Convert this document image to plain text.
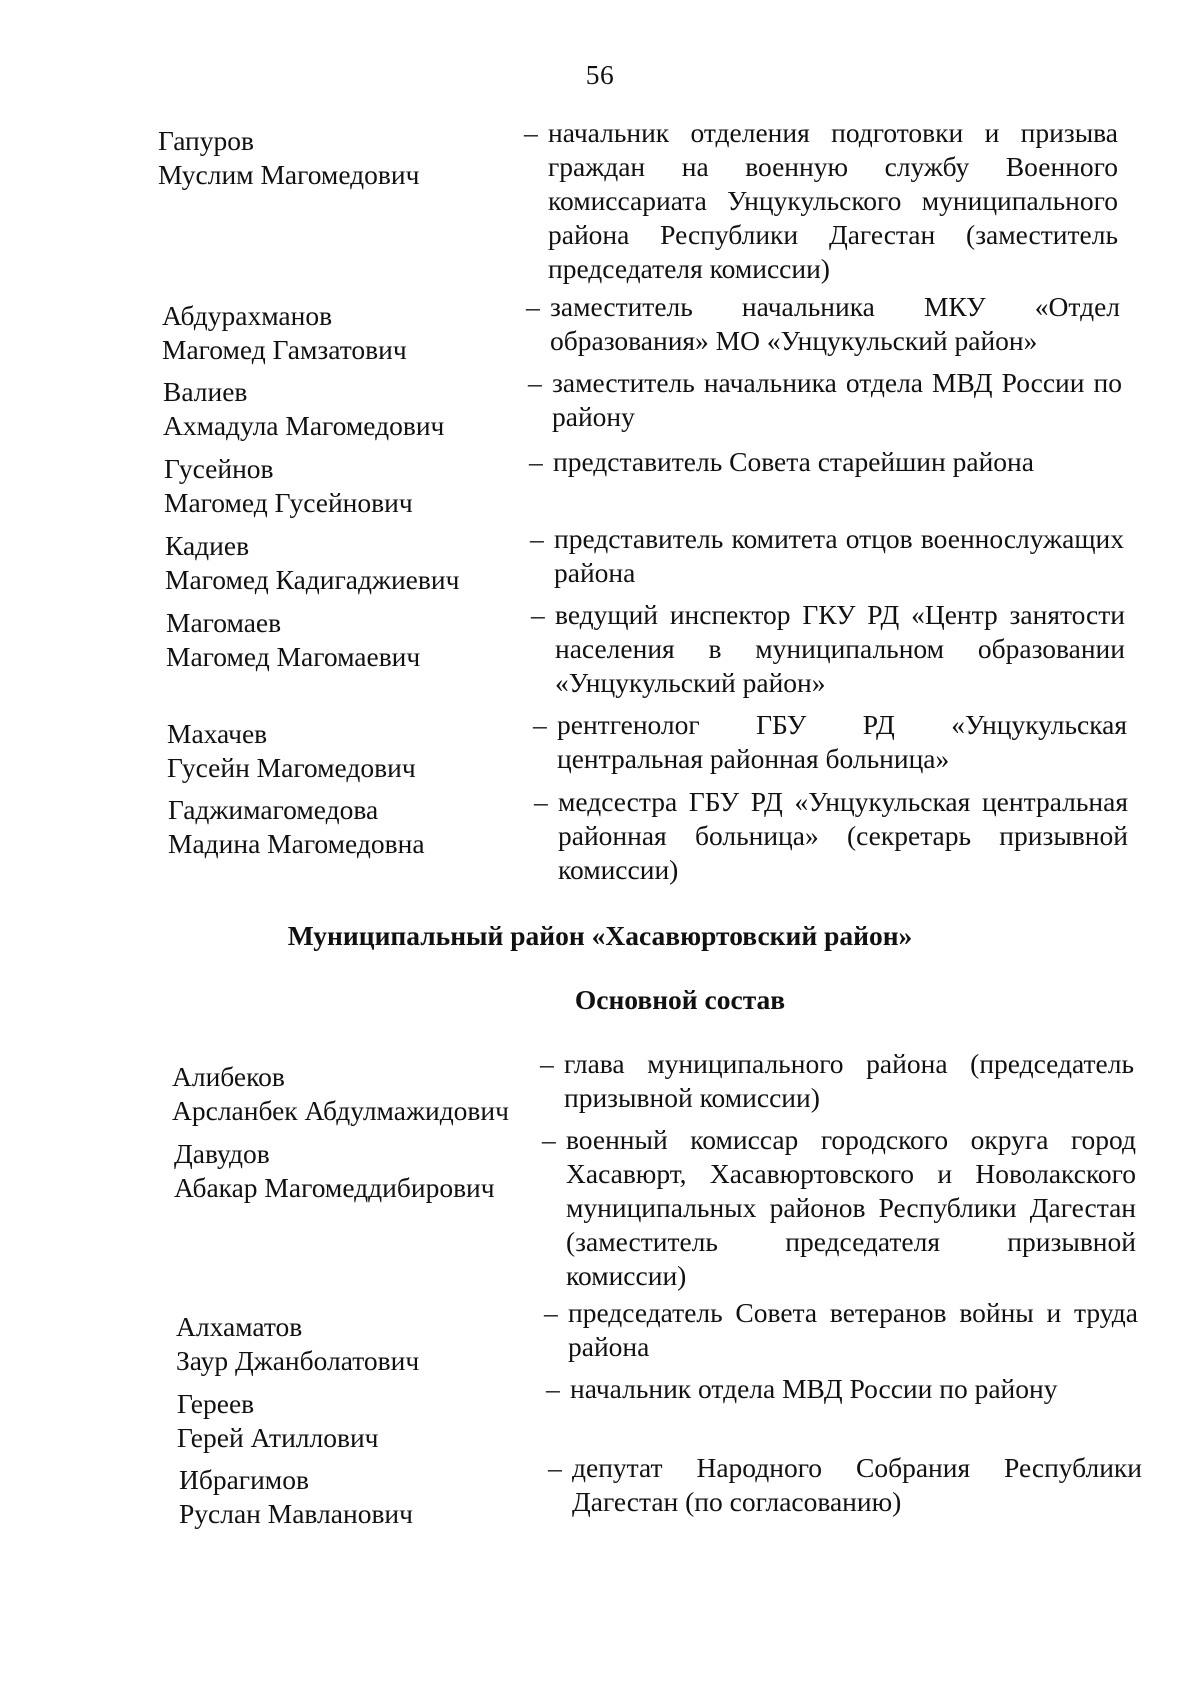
56
Гапуров
Муслим Магомедович
– начальник отделения подготовки и призыва граждан на военную службу Военного комиссариата Унцукульского муниципального района Республики Дагестан (заместитель председателя комиссии)
Абдурахманов
Магомед Гамзатович
– заместитель начальника МКУ «Отдел образования» МО «Унцукульский район»
Валиев
Ахмадула Магомедович
– заместитель начальника отдела МВД России по району
Гусейнов
Магомед Гусейнович
– представитель Совета старейшин района
Кадиев
Магомед Кадигаджиевич
– представитель комитета отцов военнослужащих района
Магомаев
Магомед Магомаевич
– ведущий инспектор ГКУ РД «Центр занятости населения в муниципальном образовании «Унцукульский район»
Махачев
Гусейн Магомедович
– рентгенолог ГБУ РД «Унцукульская центральная районная больница»
Гаджимагомедова
Мадина Магомедовна
– медсестра ГБУ РД «Унцукульская центральная районная больница» (секретарь призывной комиссии)
Муниципальный район «Хасавюртовский район»
Основной состав
Алибеков
Арсланбек Абдулмажидович
– глава муниципального района (председатель призывной комиссии)
Давудов
Абакар Магомеддибирович
– военный комиссар городского округа город Хасавюрт, Хасавюртовского и Новолакского муниципальных районов Республики Дагестан (заместитель председателя призывной комиссии)
Алхаматов
Заур Джанболатович
– председатель Совета ветеранов войны и труда района
Гереев
Герей Атиллович
– начальник отдела МВД России по району
Ибрагимов
Руслан Мавланович
– депутат Народного Собрания Республики Дагестан (по согласованию)
